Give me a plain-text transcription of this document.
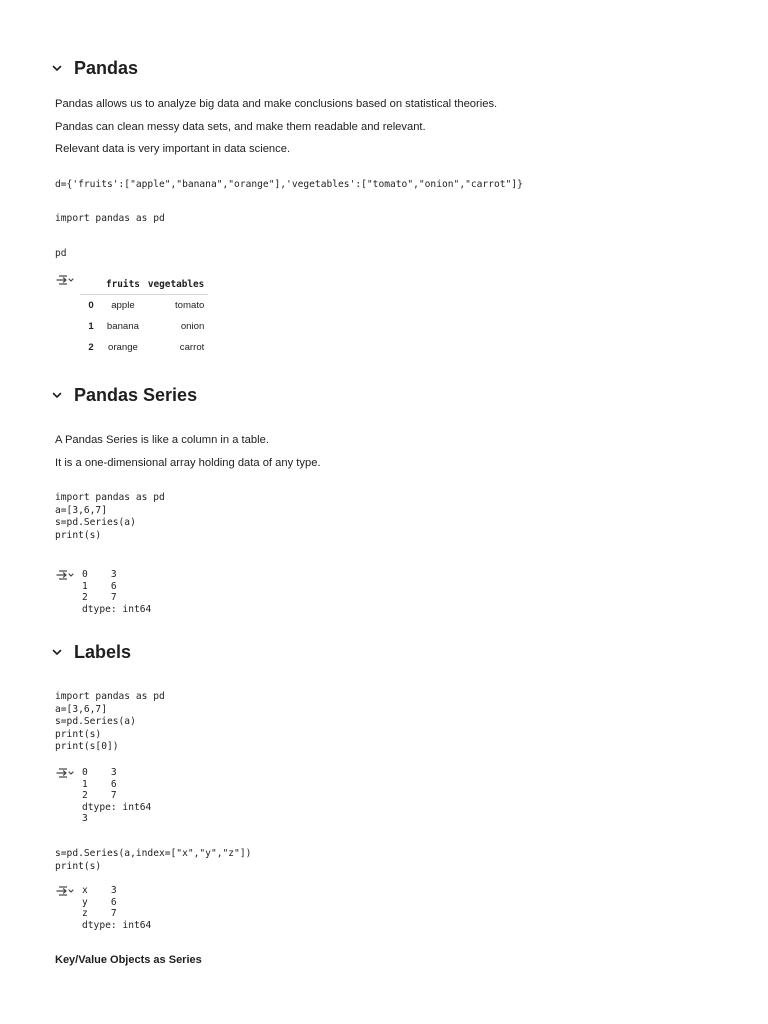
Pandas
Pandas allows us to analyze big data and make conclusions based on statistical theories.
Pandas can clean messy data sets, and make them readable and relevant.
Relevant data is very important in data science.
d={'fruits':["apple","banana","orange"],'vegetables':["tomato","onion","carrot"]}
import pandas as pd
pd
	fruits	vegetables
0	apple	tomato
1	banana	onion
2	orange	carrot
Pandas Series
A Pandas Series is like a column in a table.
It is a one-dimensional array holding data of any type.
import pandas as pd
a=[3,6,7]
s=pd.Series(a)
print(s)
0    3
1    6
2    7
dtype: int64
Labels
import pandas as pd
a=[3,6,7]
s=pd.Series(a)
print(s)
print(s[0])
0    3
1    6
2    7
dtype: int64
3
s=pd.Series(a,index=["x","y","z"])
print(s)
x    3
y    6
z    7
dtype: int64
Key/Value Objects as Series
